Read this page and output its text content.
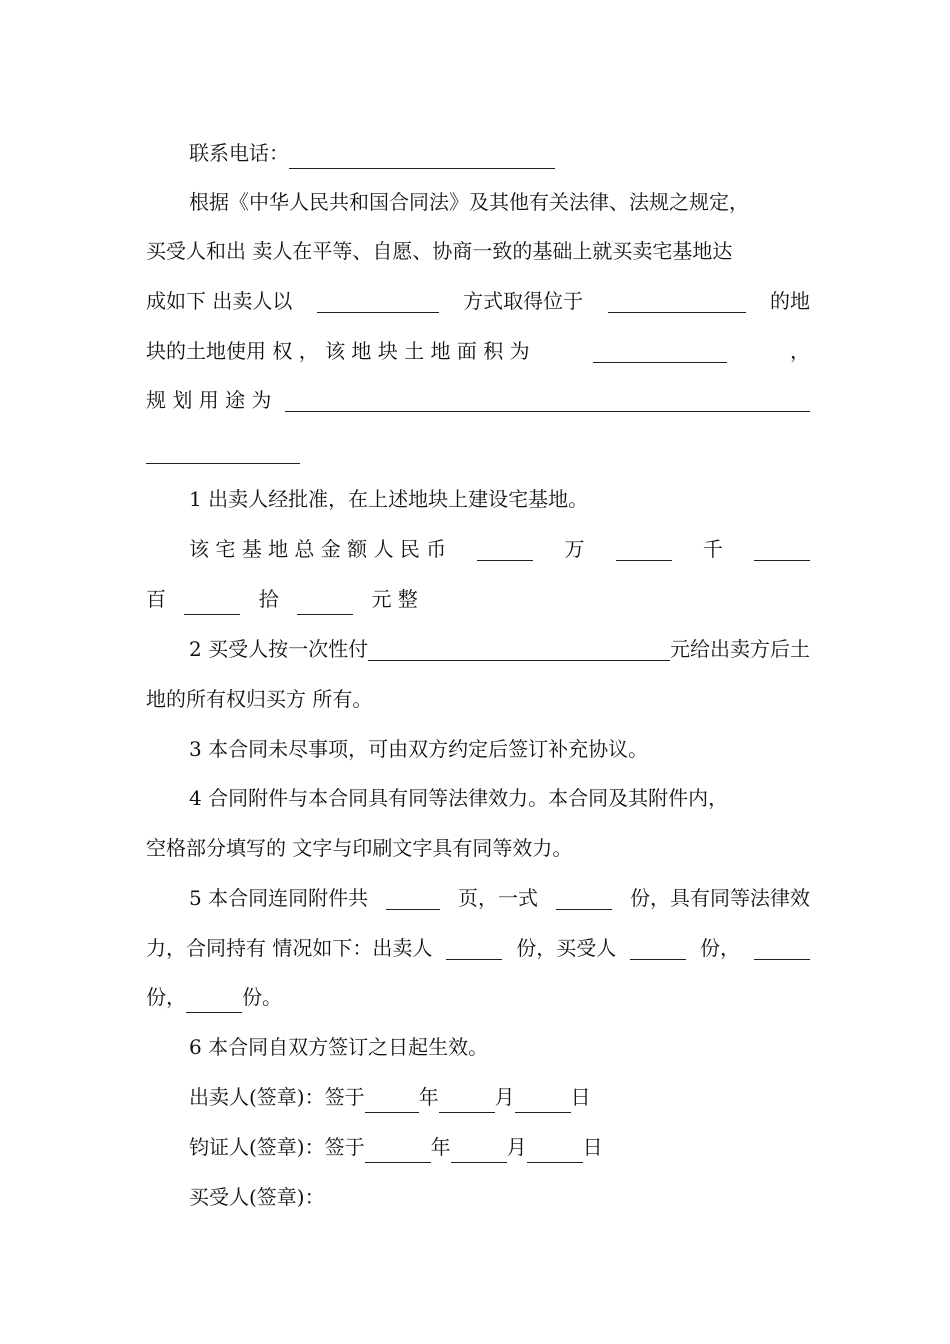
联系电话：
根据《中华人民共和国合同法》及其他有关法律、法规之规定，
买受人和出 卖人在平等、自愿、协商一致的基础上就买卖宅基地达
成如下 出卖人以	方式取得位于	的地
块的土地使用 权 ， 该 地 块 土 地 面 积 为	，
规 划 用 途 为
1 出卖人经批准，在上述地块上建设宅基地。
该 宅 基 地 总 金 额 人 民 币	万	千
百	拾	元 整
2 买受人按一次性付	元给出卖方后土
地的所有权归买方 所有。
3 本合同未尽事项，可由双方约定后签订补充协议。
4 合同附件与本合同具有同等法律效力。本合同及其附件内，
空格部分填写的 文字与印刷文字具有同等效力。
5 本合同连同附件共	页，一式	份，具有同等法律效
力，合同持有 情况如下：出卖人	份，买受人	份，
份，	份。
6 本合同自双方签订之日起生效。
出卖人(签章)：签于	年	月	日
钧证人(签章)：签于	年	月	日
买受人(签章)：
